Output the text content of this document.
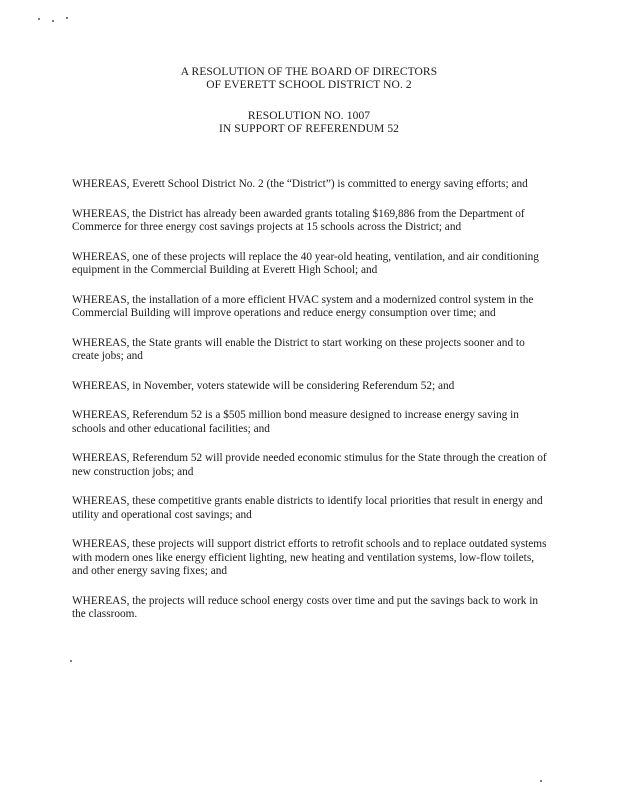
A RESOLUTION OF THE BOARD OF DIRECTORS
OF EVERETT SCHOOL DISTRICT NO. 2
RESOLUTION NO. 1007
IN SUPPORT OF REFERENDUM 52

WHEREAS, Everett School District No. 2 (the “District”) is committed to energy saving efforts; and

WHEREAS, the District has already been awarded grants totaling $169,886 from the Department of Commerce for three energy cost savings projects at 15 schools across the District; and

WHEREAS, one of these projects will replace the 40 year-old heating, ventilation, and air conditioning equipment in the Commercial Building at Everett High School; and

WHEREAS, the installation of a more efficient HVAC system and a modernized control system in the Commercial Building will improve operations and reduce energy consumption over time; and

WHEREAS, the State grants will enable the District to start working on these projects sooner and to create jobs; and

WHEREAS, in November, voters statewide will be considering Referendum 52; and

WHEREAS, Referendum 52 is a $505 million bond measure designed to increase energy saving in schools and other educational facilities; and

WHEREAS, Referendum 52 will provide needed economic stimulus for the State through the creation of new construction jobs; and

WHEREAS, these competitive grants enable districts to identify local priorities that result in energy and utility and operational cost savings; and

WHEREAS, these projects will support district efforts to retrofit schools and to replace outdated systems with modern ones like energy efficient lighting, new heating and ventilation systems, low-flow toilets, and other energy saving fixes; and

WHEREAS, the projects will reduce school energy costs over time and put the savings back to work in the classroom.
